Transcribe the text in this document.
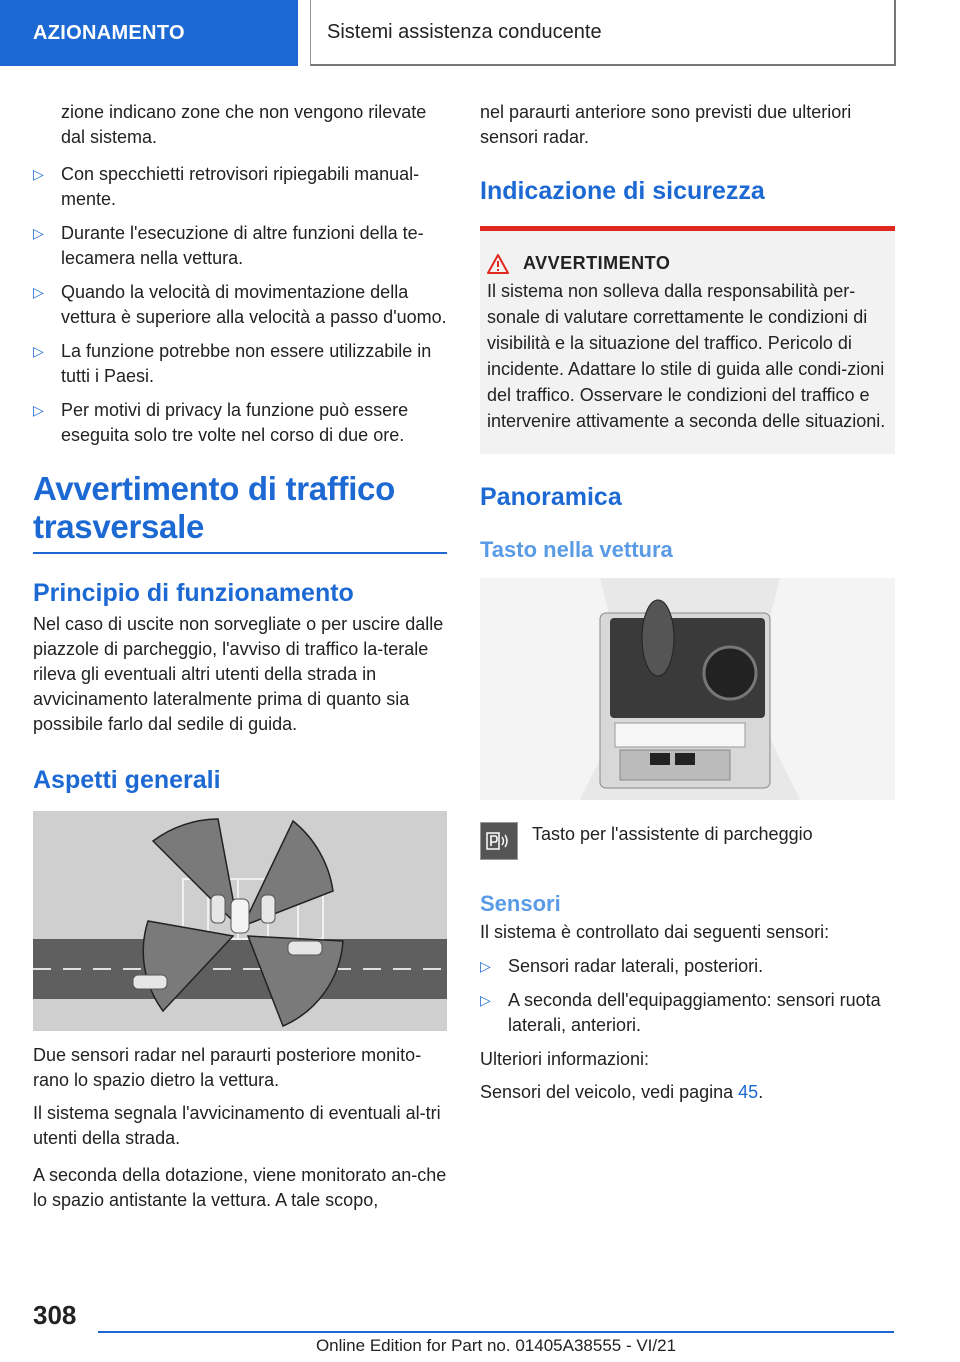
AZIONAMENTO	Sistemi assistenza conducente

zione indicano zone che non vengono rilevate dal sistema.

▷ Con specchietti retrovisori ripiegabili manual-mente.
▷ Durante l'esecuzione di altre funzioni della te-lecamera nella vettura.
▷ Quando la velocità di movimentazione della vettura è superiore alla velocità a passo d'uomo.
▷ La funzione potrebbe non essere utilizzabile in tutti i Paesi.
▷ Per motivi di privacy la funzione può essere eseguita solo tre volte nel corso di due ore.
Avvertimento di traffico trasversale
Principio di funzionamento

Nel caso di uscite non sorvegliate o per uscire dalle piazzole di parcheggio, l'avviso di traffico la-terale rileva gli eventuali altri utenti della strada in avvicinamento lateralmente prima di quanto sia possibile farlo dal sedile di guida.

Aspetti generali

Due sensori radar nel paraurti posteriore monito-rano lo spazio dietro la vettura.

Il sistema segnala l'avvicinamento di eventuali al-tri utenti della strada.

A seconda della dotazione, viene monitorato an-che lo spazio antistante la vettura. A tale scopo,

nel paraurti anteriore sono previsti due ulteriori sensori radar.

Indicazione di sicurezza
AVVERTIMENTO

Il sistema non solleva dalla responsabilità per-sonale di valutare correttamente le condizioni di visibilità e la situazione del traffico. Pericolo di incidente. Adattare lo stile di guida alle condi-zioni del traffico. Osservare le condizioni del traffico e intervenire attivamente a seconda delle situazioni.

Panoramica
Tasto nella vettura

Tasto per l'assistente di parcheggio

Sensori

Il sistema è controllato dai seguenti sensori:

▷ Sensori radar laterali, posteriori.
▷ A seconda dell'equipaggiamento: sensori ruota laterali, anteriori.

Ulteriori informazioni:

Sensori del veicolo, vedi pagina 45.

308
Online Edition for Part no. 01405A38555 - VI/21
